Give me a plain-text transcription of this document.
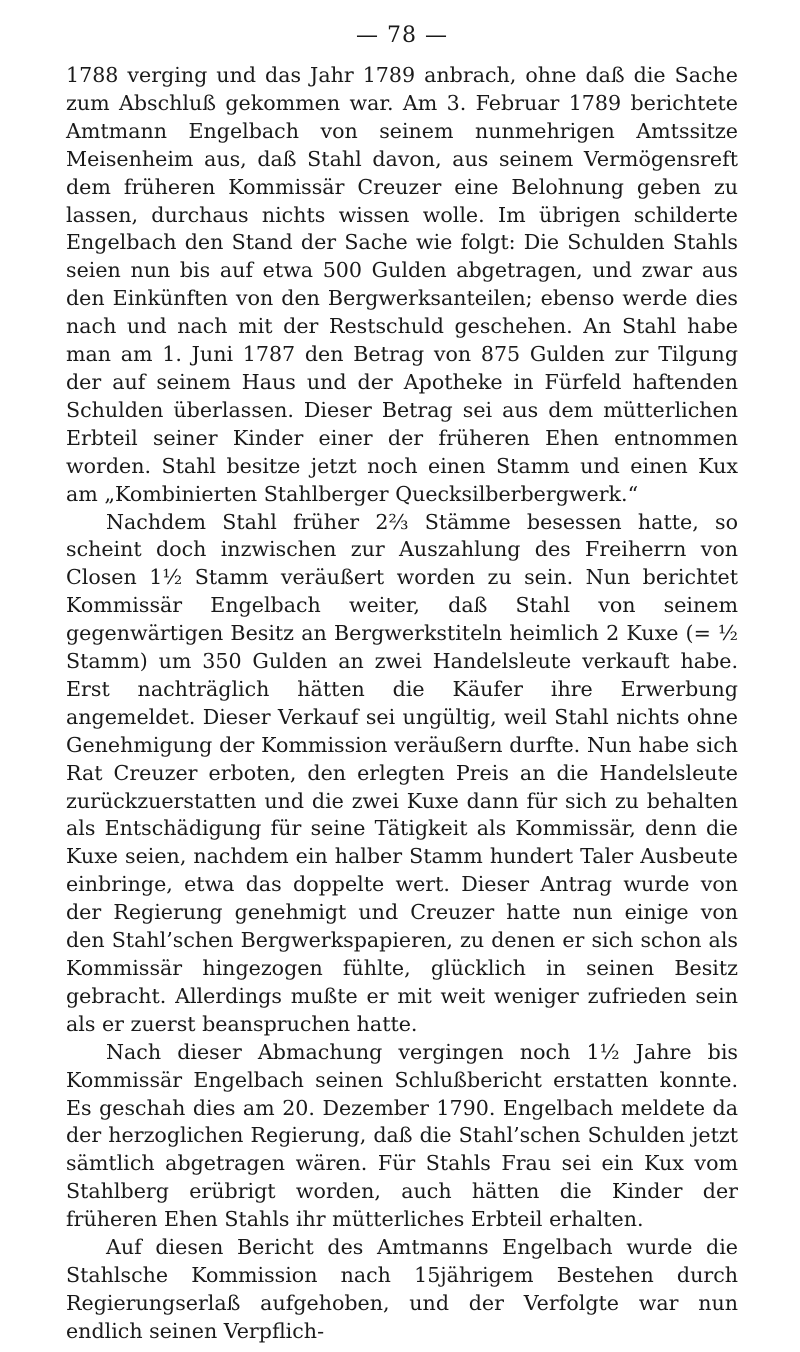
— 78 —

1788 verging und das Jahr 1789 anbrach, ohne daß die Sache zum Abschluß gekommen war. Am 3. Februar 1789 berichtete Amtmann Engelbach von seinem nunmehrigen Amtssitze Meisenheim aus, daß Stahl davon, aus seinem Vermögensreft dem früheren Kommissär Creuzer eine Belohnung geben zu lassen, durchaus nichts wissen wolle. Im übrigen schilderte Engelbach den Stand der Sache wie folgt: Die Schulden Stahls seien nun bis auf etwa 500 Gulden abgetragen, und zwar aus den Einkünften von den Bergwerksanteilen; ebenso werde dies nach und nach mit der Restschuld geschehen. An Stahl habe man am 1. Juni 1787 den Betrag von 875 Gulden zur Tilgung der auf seinem Haus und der Apotheke in Fürfeld haftenden Schulden überlassen. Dieser Betrag sei aus dem mütterlichen Erbteil seiner Kinder einer der früheren Ehen entnommen worden. Stahl besitze jetzt noch einen Stamm und einen Kux am „Kombinierten Stahlberger Quecksilberbergwerk.“

Nachdem Stahl früher 2⅔ Stämme besessen hatte, so scheint doch inzwischen zur Auszahlung des Freiherrn von Closen 1½ Stamm veräußert worden zu sein. Nun berichtet Kommissär Engelbach weiter, daß Stahl von seinem gegenwärtigen Besitz an Bergwerkstiteln heimlich 2 Kuxe (= ½ Stamm) um 350 Gulden an zwei Handelsleute verkauft habe. Erst nachträglich hätten die Käufer ihre Erwerbung angemeldet. Dieser Verkauf sei ungültig, weil Stahl nichts ohne Genehmigung der Kommission veräußern durfte. Nun habe sich Rat Creuzer erboten, den erlegten Preis an die Handelsleute zurückzuerstatten und die zwei Kuxe dann für sich zu behalten als Entschädigung für seine Tätigkeit als Kommissär, denn die Kuxe seien, nachdem ein halber Stamm hundert Taler Ausbeute einbringe, etwa das doppelte wert. Dieser Antrag wurde von der Regierung genehmigt und Creuzer hatte nun einige von den Stahl’schen Bergwerkspapieren, zu denen er sich schon als Kommissär hingezogen fühlte, glücklich in seinen Besitz gebracht. Allerdings mußte er mit weit weniger zufrieden sein als er zuerst beanspruchen hatte.

Nach dieser Abmachung vergingen noch 1½ Jahre bis Kommissär Engelbach seinen Schlußbericht erstatten konnte. Es geschah dies am 20. Dezember 1790. Engelbach meldete da der herzoglichen Regierung, daß die Stahl’schen Schulden jetzt sämtlich abgetragen wären. Für Stahls Frau sei ein Kux vom Stahlberg erübrigt worden, auch hätten die Kinder der früheren Ehen Stahls ihr mütterliches Erbteil erhalten.

Auf diesen Bericht des Amtmanns Engelbach wurde die Stahlsche Kommission nach 15jährigem Bestehen durch Regierungserlaß aufgehoben, und der Verfolgte war nun endlich seinen Verpflich-
